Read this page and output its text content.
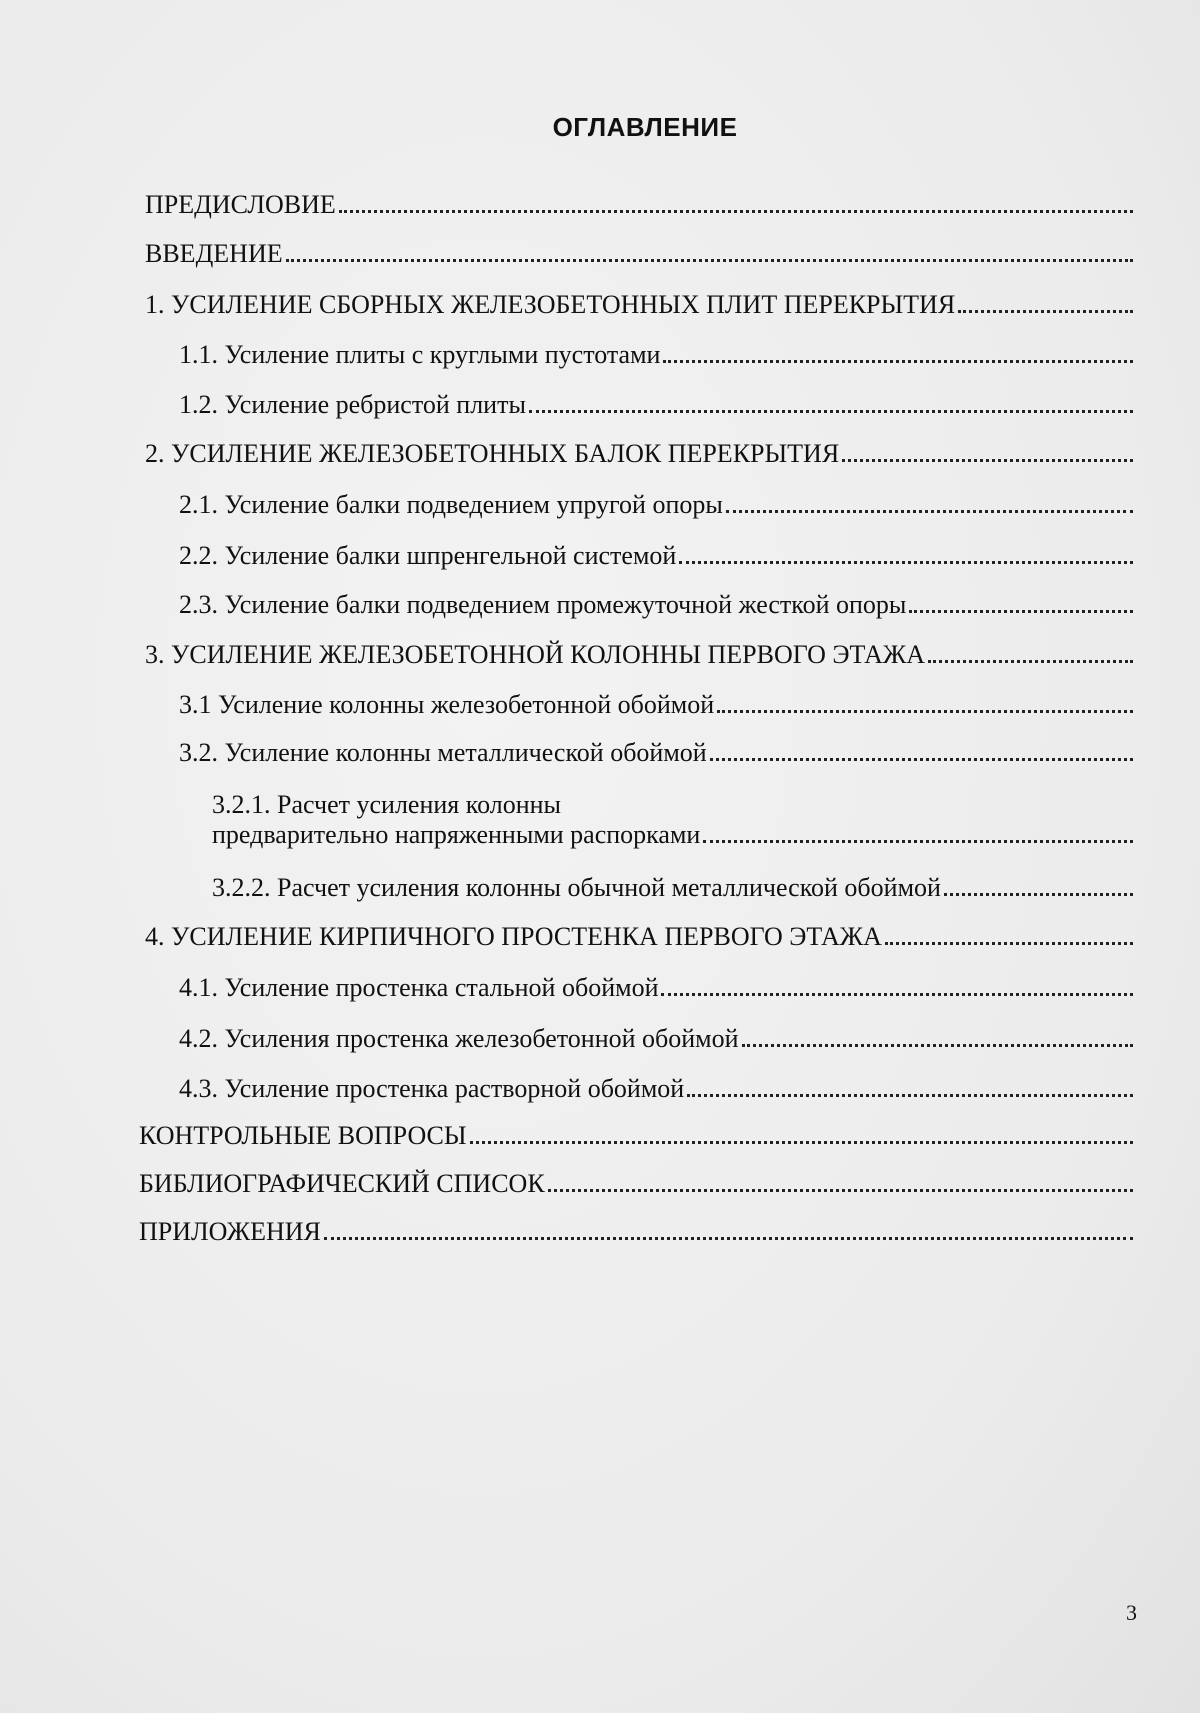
ОГЛАВЛЕНИЕ
ПРЕДИСЛОВИЕ
ВВЕДЕНИЕ
1. УСИЛЕНИЕ СБОРНЫХ ЖЕЛЕЗОБЕТОННЫХ ПЛИТ ПЕРЕКРЫТИЯ
1.1. Усиление плиты с круглыми пустотами
1.2. Усиление ребристой плиты
2. УСИЛЕНИЕ ЖЕЛЕЗОБЕТОННЫХ БАЛОК ПЕРЕКРЫТИЯ
2.1. Усиление балки подведением упругой опоры
2.2. Усиление балки шпренгельной системой
2.3. Усиление балки подведением промежуточной жесткой опоры
3. УСИЛЕНИЕ ЖЕЛЕЗОБЕТОННОЙ КОЛОННЫ ПЕРВОГО ЭТАЖА
3.1 Усиление колонны железобетонной обоймой
3.2. Усиление колонны металлической обоймой
3.2.1. Расчет усиления колонны
предварительно напряженными распорками
3.2.2. Расчет усиления колонны обычной металлической обоймой
4. УСИЛЕНИЕ КИРПИЧНОГО ПРОСТЕНКА ПЕРВОГО ЭТАЖА
4.1. Усиление простенка стальной обоймой
4.2. Усиления простенка железобетонной обоймой
4.3. Усиление простенка растворной обоймой
КОНТРОЛЬНЫЕ ВОПРОСЫ
БИБЛИОГРАФИЧЕСКИЙ СПИСОК
ПРИЛОЖЕНИЯ
3
